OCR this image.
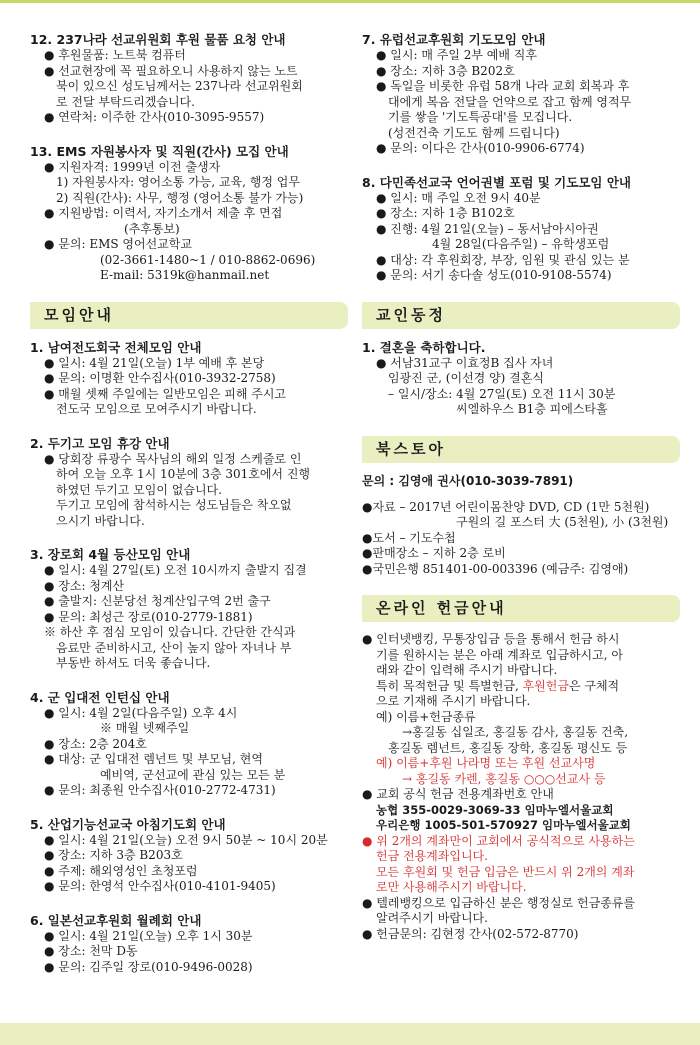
12. 237나라 선교위원회 후원 물품 요청 안내
● 후원물품: 노트북 컴퓨터
● 선교현장에 꼭 필요하오니 사용하지 않는 노트
북이 있으신 성도님께서는 237나라 선교위원회
로 전달 부탁드리겠습니다.
● 연락처: 이주한 간사(010-3095-9557)
13. EMS 자원봉사자 및 직원(간사) 모집 안내
● 지원자격: 1999년 이전 출생자
1) 자원봉사자: 영어소통 가능, 교육, 행정 업무
2) 직원(간사): 사무, 행정 (영어소통 불가 가능)
● 지원방법: 이력서, 자기소개서 제출 후 면접
(추후통보)
● 문의: EMS 영어선교학교
(02-3661-1480~1 / 010-8862-0696)
E-mail: 5319k@hanmail.net
모임안내
1. 남여전도회국 전체모임 안내
● 일시: 4월 21일(오늘) 1부 예배 후 본당
● 문의: 이명환 안수집사(010-3932-2758)
● 매월 셋째 주일에는 일반모임은 피해 주시고
전도국 모임으로 모여주시기 바랍니다.
2. 두기고 모임 휴강 안내
● 당회장 류광수 목사님의 해외 일정 스케줄로 인
하여 오늘 오후 1시 10분에 3층 301호에서 진행
하였던 두기고 모임이 없습니다.
두기고 모임에 참석하시는 성도님들은 착오없
으시기 바랍니다.
3. 장로회 4월 등산모임 안내
● 일시: 4월 27일(토) 오전 10시까지 출발지 집결
● 장소: 청계산
● 출발지: 신분당선 청계산입구역 2번 출구
● 문의: 최성근 장로(010-2779-1881)
※ 하산 후 점심 모임이 있습니다. 간단한 간식과
음료만 준비하시고, 산이 높지 않아 자녀나 부
부동반 하셔도 더욱 좋습니다.
4. 군 입대전 인턴십 안내
● 일시: 4월 2일(다음주일) 오후 4시
※ 매월 넷째주일
● 장소: 2층 204호
● 대상: 군 입대전 렘넌트 및 부모님, 현역
예비역, 군선교에 관심 있는 모든 분
● 문의: 최종원 안수집사(010-2772-4731)
5. 산업기능선교국 아침기도회 안내
● 일시: 4월 21일(오늘) 오전 9시 50분 ~ 10시 20분
● 장소: 지하 3층 B203호
● 주제: 해외영성인 초청포럼
● 문의: 한영석 안수집사(010-4101-9405)
6. 일본선교후원회 월례회 안내
● 일시: 4월 21일(오늘) 오후 1시 30분
● 장소: 천막 D동
● 문의: 김주일 장로(010-9496-0028)
7. 유럽선교후원회 기도모임 안내
● 일시: 매 주일 2부 예배 직후
● 장소: 지하 3층 B202호
● 독일을 비롯한 유럽 58개 나라 교회 회복과 후
대에게 복음 전달을 언약으로 잡고 함께 영적무
기를 쌓을 '기도특공대'를 모집니다.
(성전건축 기도도 함께 드립니다)
● 문의: 이다은 간사(010-9906-6774)
8. 다민족선교국 언어권별 포럼 및 기도모임 안내
● 일시: 매 주일 오전 9시 40분
● 장소: 지하 1층 B102호
● 진행: 4월 21일(오늘) – 동서남아시아권
4월 28일(다음주일) – 유학생포럼
● 대상: 각 후원회장, 부장, 임원 및 관심 있는 분
● 문의: 서기 송다솔 성도(010-9108-5574)
교인동정
1. 결혼을 축하합니다.
● 서남31교구 이효정B 집사 자녀
임광진 군, (이선경 양) 결혼식
– 일시/장소: 4월 27일(토) 오전 11시 30분
씨엘하우스 B1층 피에스타홀
북스토아
문의 : 김영애 권사(010-3039-7891)
●자료 – 2017년 어린이몸찬양 DVD, CD (1만 5천원)
구원의 길 포스터 大 (5천원), 小 (3천원)
●도서 – 기도수첩
●판매장소 – 지하 2층 로비
●국민은행 851401-00-003396 (예금주: 김영애)
온라인 헌금안내
● 인터넷뱅킹, 무통장입금 등을 통해서 헌금 하시
기를 원하시는 분은 아래 계좌로 입금하시고, 아
래와 같이 입력해 주시기 바랍니다.
특히 목적헌금 및 특별헌금, 후원헌금은 구체적
으로 기재해 주시기 바랍니다.
예) 이름+헌금종류
→홍길동 십일조, 홍길동 감사, 홍길동 건축,
홍길동 렘넌트, 홍길동 장학, 홍길동 평신도 등
예) 이름+후원 나라명 또는 후원 선교사명
→ 홍길동 카렌, 홍길동 ○○○선교사 등
● 교회 공식 헌금 전용계좌번호 안내
농협 355-0029-3069-33 임마누엘서울교회
우리은행 1005-501-570927 임마누엘서울교회
● 위 2개의 계좌만이 교회에서 공식적으로 사용하는
헌금 전용계좌입니다.
모든 후원회 및 헌금 입금은 반드시 위 2개의 계좌
로만 사용해주시기 바랍니다.
● 텔레뱅킹으로 입금하신 분은 행정실로 헌금종류를
알려주시기 바랍니다.
● 헌금문의: 김현정 간사(02-572-8770)
